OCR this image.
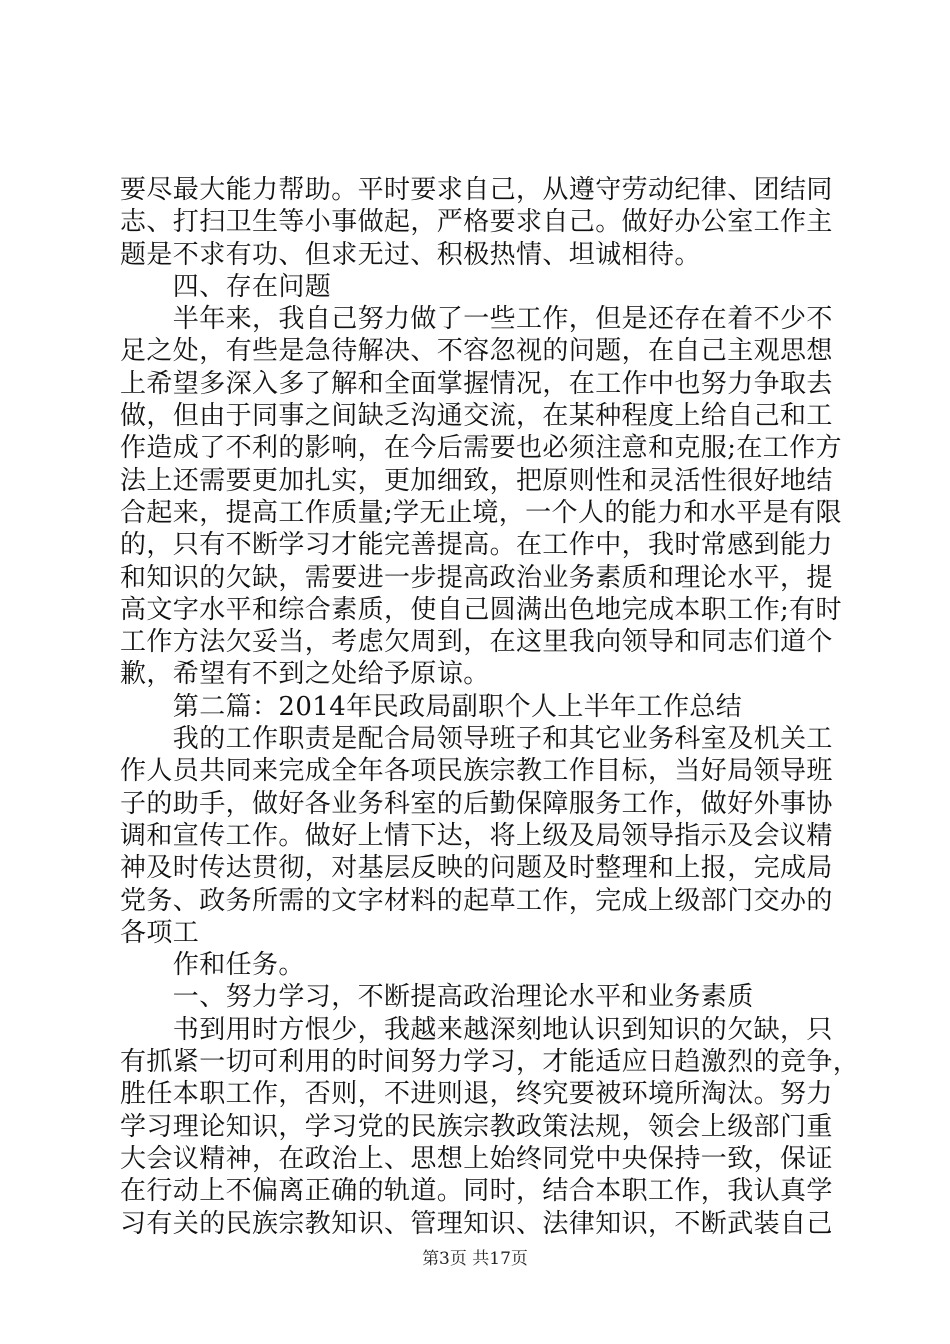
要尽最大能力帮助。平时要求自己，从遵守劳动纪律、团结同
志、打扫卫生等小事做起，严格要求自己。做好办公室工作主
题是不求有功、但求无过、积极热情、坦诚相待。
　　四、存在问题
　　半年来，我自己努力做了一些工作，但是还存在着不少不
足之处，有些是急待解决、不容忽视的问题，在自己主观思想
上希望多深入多了解和全面掌握情况，在工作中也努力争取去
做，但由于同事之间缺乏沟通交流，在某种程度上给自己和工
作造成了不利的影响，在今后需要也必须注意和克服;在工作方
法上还需要更加扎实，更加细致，把原则性和灵活性很好地结
合起来，提高工作质量;学无止境，一个人的能力和水平是有限
的，只有不断学习才能完善提高。在工作中，我时常感到能力
和知识的欠缺，需要进一步提高政治业务素质和理论水平，提
高文字水平和综合素质，使自己圆满出色地完成本职工作;有时
工作方法欠妥当，考虑欠周到，在这里我向领导和同志们道个
歉，希望有不到之处给予原谅。
　　第二篇：2014年民政局副职个人上半年工作总结
　　我的工作职责是配合局领导班子和其它业务科室及机关工
作人员共同来完成全年各项民族宗教工作目标，当好局领导班
子的助手，做好各业务科室的后勤保障服务工作，做好外事协
调和宣传工作。做好上情下达，将上级及局领导指示及会议精
神及时传达贯彻，对基层反映的问题及时整理和上报，完成局
党务、政务所需的文字材料的起草工作，完成上级部门交办的
各项工
　　作和任务。
　　一、努力学习，不断提高政治理论水平和业务素质
　　书到用时方恨少，我越来越深刻地认识到知识的欠缺，只
有抓紧一切可利用的时间努力学习，才能适应日趋激烈的竞争，
胜任本职工作，否则，不进则退，终究要被环境所淘汰。努力
学习理论知识，学习党的民族宗教政策法规，领会上级部门重
大会议精神，在政治上、思想上始终同党中央保持一致，保证
在行动上不偏离正确的轨道。同时，结合本职工作，我认真学
习有关的民族宗教知识、管理知识、法律知识，不断武装自己
第3页 共17页
